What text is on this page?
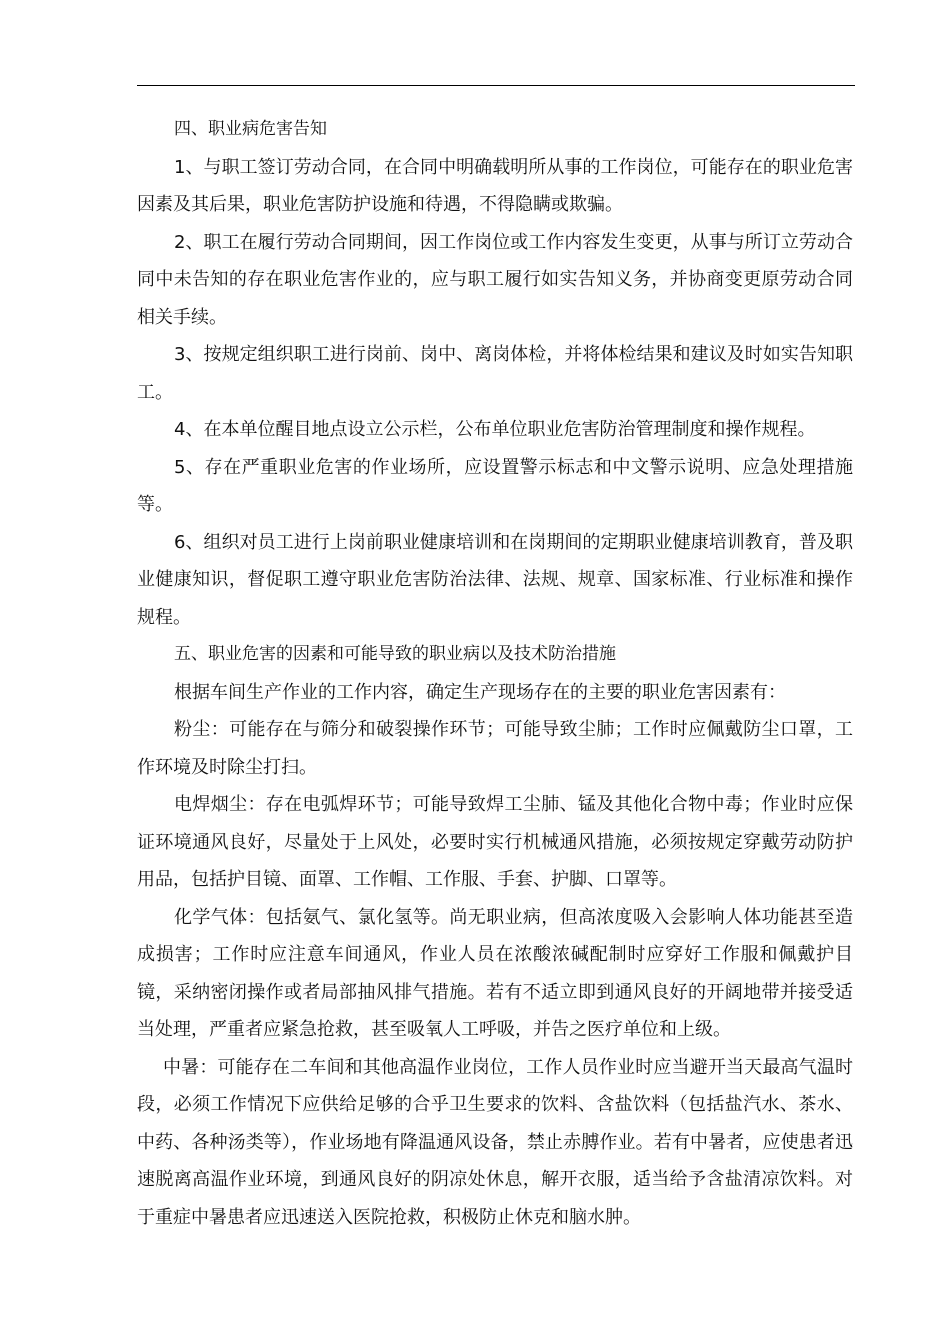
四、职业病危害告知

1、与职工签订劳动合同，在合同中明确载明所从事的工作岗位，可能存在的职业危害因素及其后果，职业危害防护设施和待遇，不得隐瞒或欺骗。

2、职工在履行劳动合同期间，因工作岗位或工作内容发生变更，从事与所订立劳动合同中未告知的存在职业危害作业的，应与职工履行如实告知义务，并协商变更原劳动合同相关手续。

3、按规定组织职工进行岗前、岗中、离岗体检，并将体检结果和建议及时如实告知职工。

4、在本单位醒目地点设立公示栏，公布单位职业危害防治管理制度和操作规程。

5、存在严重职业危害的作业场所，应设置警示标志和中文警示说明、应急处理措施等。

6、组织对员工进行上岗前职业健康培训和在岗期间的定期职业健康培训教育，普及职业健康知识，督促职工遵守职业危害防治法律、法规、规章、国家标准、行业标准和操作规程。

五、职业危害的因素和可能导致的职业病以及技术防治措施

根据车间生产作业的工作内容，确定生产现场存在的主要的职业危害因素有：

粉尘：可能存在与筛分和破裂操作环节；可能导致尘肺；工作时应佩戴防尘口罩，工作环境及时除尘打扫。

电焊烟尘：存在电弧焊环节；可能导致焊工尘肺、锰及其他化合物中毒；作业时应保证环境通风良好，尽量处于上风处，必要时实行机械通风措施，必须按规定穿戴劳动防护用品，包括护目镜、面罩、工作帽、工作服、手套、护脚、口罩等。

化学气体：包括氨气、氯化氢等。尚无职业病，但高浓度吸入会影响人体功能甚至造成损害；工作时应注意车间通风，作业人员在浓酸浓碱配制时应穿好工作服和佩戴护目镜，采纳密闭操作或者局部抽风排气措施。若有不适立即到通风良好的开阔地带并接受适当处理，严重者应紧急抢救，甚至吸氧人工呼吸，并告之医疗单位和上级。

中暑：可能存在二车间和其他高温作业岗位，工作人员作业时应当避开当天最高气温时段，必须工作情况下应供给足够的合乎卫生要求的饮料、含盐饮料（包括盐汽水、茶水、中药、各种汤类等），作业场地有降温通风设备，禁止赤膊作业。若有中暑者，应使患者迅速脱离高温作业环境，到通风良好的阴凉处休息，解开衣服，适当给予含盐清凉饮料。对于重症中暑患者应迅速送入医院抢救，积极防止休克和脑水肿。
